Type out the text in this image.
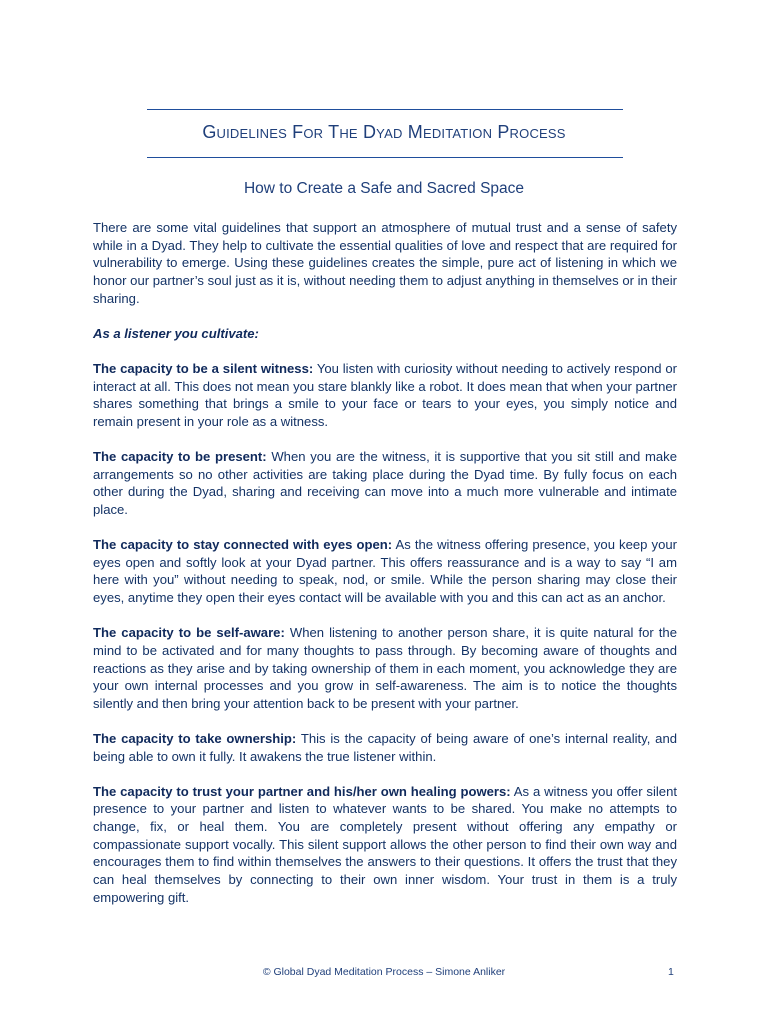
Guidelines For The Dyad Meditation Process
How to Create a Safe and Sacred Space

There are some vital guidelines that support an atmosphere of mutual trust and a sense of safety while in a Dyad. They help to cultivate the essential qualities of love and respect that are required for vulnerability to emerge. Using these guidelines creates the simple, pure act of listening in which we honor our partner’s soul just as it is, without needing them to adjust anything in themselves or in their sharing.

As a listener you cultivate:

The capacity to be a silent witness: You listen with curiosity without needing to actively respond or interact at all. This does not mean you stare blankly like a robot. It does mean that when your partner shares something that brings a smile to your face or tears to your eyes, you simply notice and remain present in your role as a witness.

The capacity to be present: When you are the witness, it is supportive that you sit still and make arrangements so no other activities are taking place during the Dyad time. By fully focus on each other during the Dyad, sharing and receiving can move into a much more vulnerable and intimate place.

The capacity to stay connected with eyes open: As the witness offering presence, you keep your eyes open and softly look at your Dyad partner. This offers reassurance and is a way to say “I am here with you” without needing to speak, nod, or smile. While the person sharing may close their eyes, anytime they open their eyes contact will be available with you and this can act as an anchor.

The capacity to be self-aware: When listening to another person share, it is quite natural for the mind to be activated and for many thoughts to pass through. By becoming aware of thoughts and reactions as they arise and by taking ownership of them in each moment, you acknowledge they are your own internal processes and you grow in self-awareness. The aim is to notice the thoughts silently and then bring your attention back to be present with your partner.

The capacity to take ownership: This is the capacity of being aware of one’s internal reality, and being able to own it fully. It awakens the true listener within.

The capacity to trust your partner and his/her own healing powers: As a witness you offer silent presence to your partner and listen to whatever wants to be shared. You make no attempts to change, fix, or heal them. You are completely present without offering any empathy or compassionate support vocally. This silent support allows the other person to find their own way and encourages them to find within themselves the answers to their questions. It offers the trust that they can heal themselves by connecting to their own inner wisdom. Your trust in them is a truly empowering gift.

© Global Dyad Meditation Process – Simone Anliker	1
